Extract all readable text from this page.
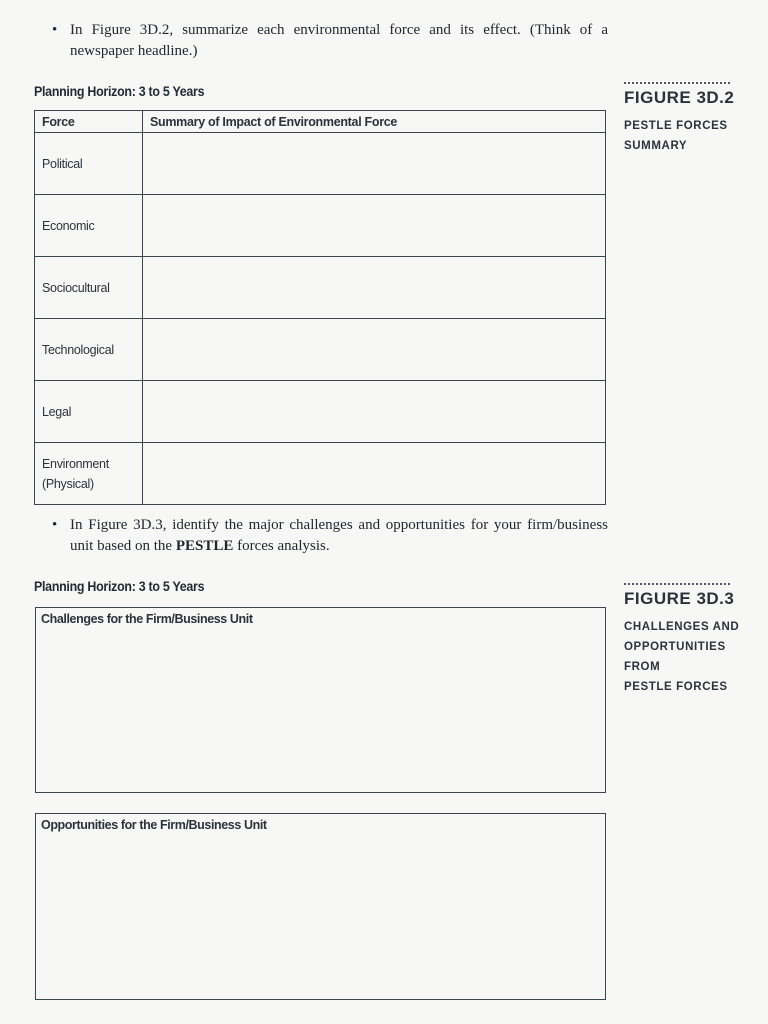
• In Figure 3D.2, summarize each environmental force and its effect. (Think of a newspaper headline.)
Planning Horizon: 3 to 5 Years
Force	Summary of Impact of Environmental Force
Political	
Economic	
Sociocultural	
Technological	
Legal	
Environment (Physical)	
FIGURE 3D.2
PESTLE FORCES
SUMMARY
• In Figure 3D.3, identify the major challenges and opportunities for your firm/business unit based on the PESTLE forces analysis.
Planning Horizon: 3 to 5 Years
Challenges for the Firm/Business Unit
Opportunities for the Firm/Business Unit
FIGURE 3D.3
CHALLENGES AND
OPPORTUNITIES FROM
PESTLE FORCES
